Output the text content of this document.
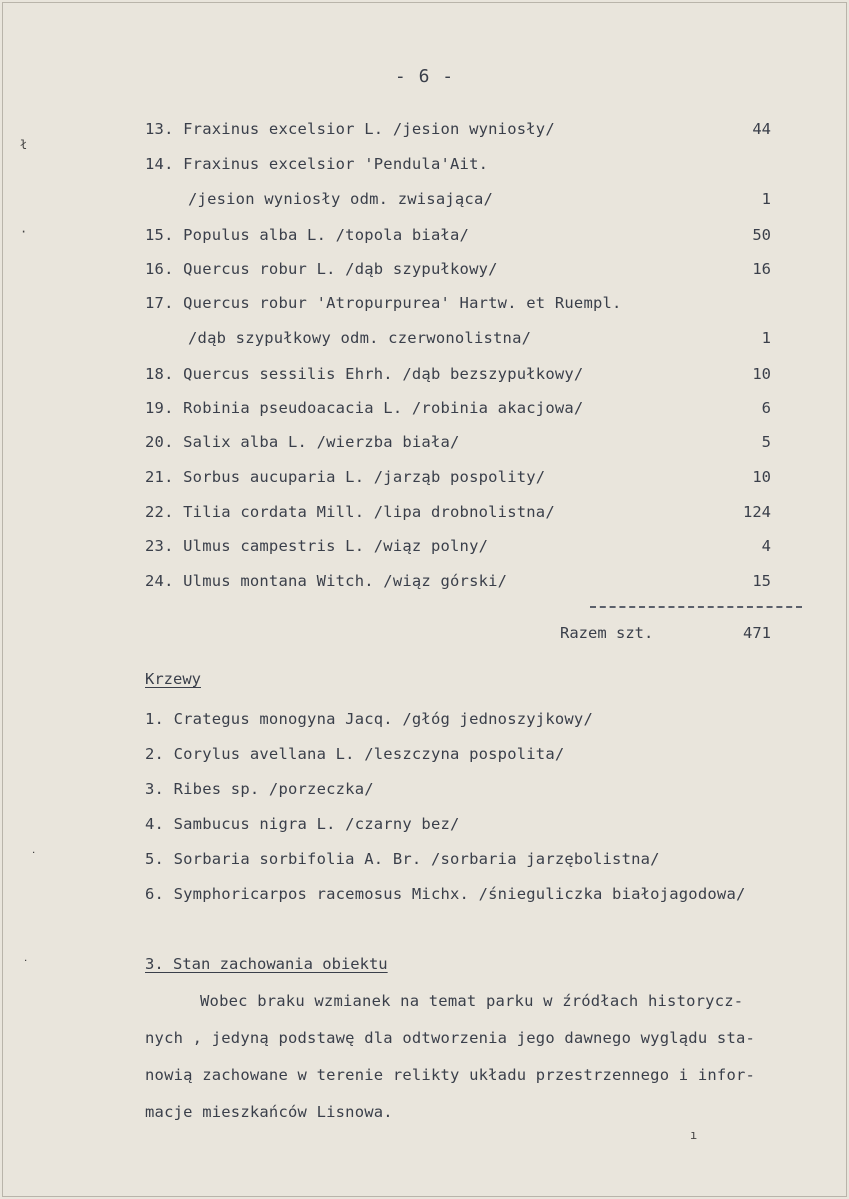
- 6 -
13. Fraxinus excelsior L. /jesion wyniosły/	44
14. Fraxinus excelsior 'Pendula'Ait.
/jesion wyniosły odm. zwisająca/	1
15. Populus alba L. /topola biała/	50
16. Quercus robur L. /dąb szypułkowy/	16
17. Quercus robur 'Atropurpurea' Hartw. et Ruempl.
/dąb szypułkowy odm. czerwonolistna/	1
18. Quercus sessilis Ehrh. /dąb bezszypułkowy/	10
19. Robinia pseudoacacia L. /robinia akacjowa/	6
20. Salix alba L. /wierzba biała/	5
21. Sorbus aucuparia L. /jarząb pospolity/	10
22. Tilia cordata Mill. /lipa drobnolistna/	124
23. Ulmus campestris L. /wiąz polny/	4
24. Ulmus montana Witch. /wiąz górski/	15
Razem szt.	471
Krzewy
1. Crategus monogyna Jacq. /głóg jednoszyjkowy/
2. Corylus avellana L. /leszczyna pospolita/
3. Ribes sp. /porzeczka/
4. Sambucus nigra L. /czarny bez/
5. Sorbaria sorbifolia A. Br. /sorbaria jarzębolistna/
6. Symphoricarpos racemosus Michx. /śnieguliczka białojagodowa/
3. Stan zachowania obiektu
Wobec braku wzmianek na temat parku w źródłach historycz-
nych , jedyną podstawę dla odtworzenia jego dawnego wyglądu sta-
nowią zachowane w terenie relikty układu przestrzennego i infor-
macje mieszkańców Lisnowa.
ł
·
˙
˙
ı
